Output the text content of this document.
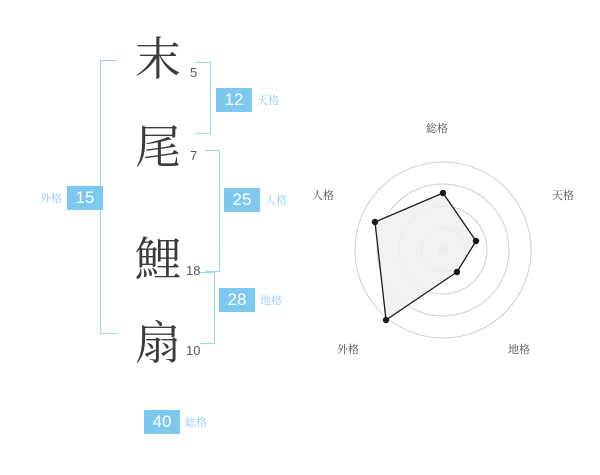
外格 15
末 5
尾 7
鯉 18
扇 10
12	天格
25	人格
28	地格
40	総格
総格
天格
地格
外格
人格
